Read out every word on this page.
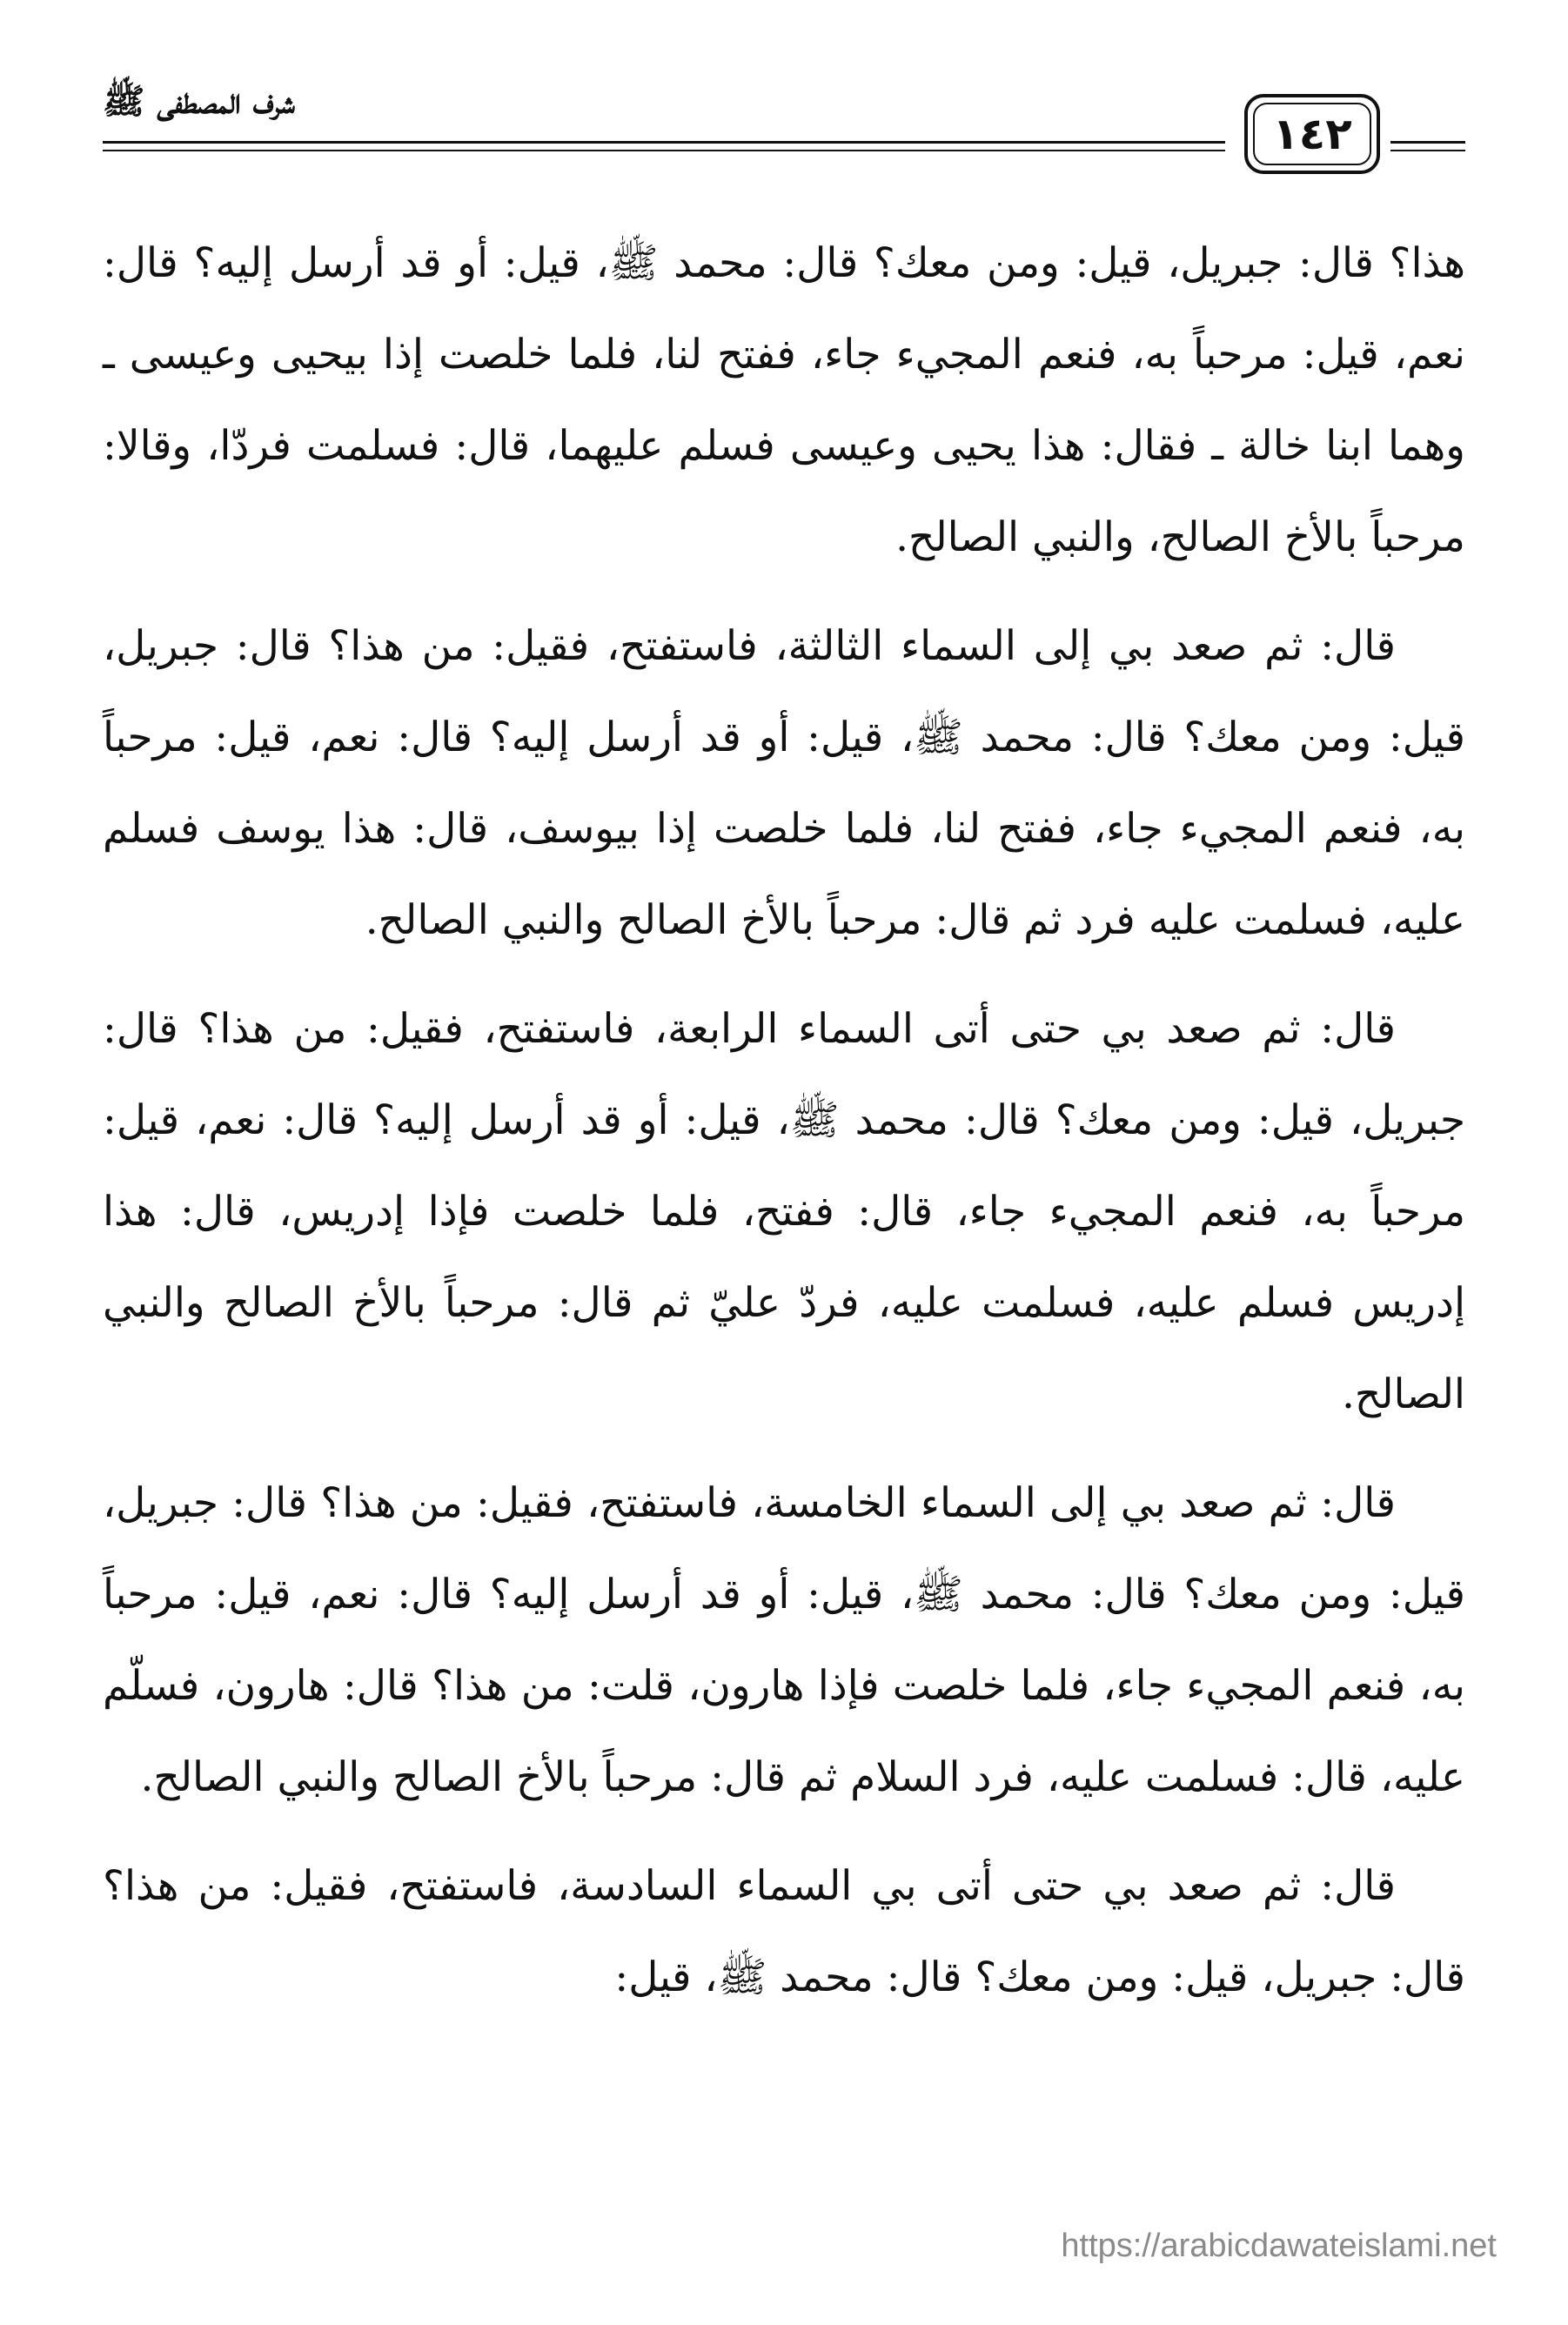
شرف المصطفى ﷺ
١٤٢

هذا؟ قال: جبريل، قيل: ومن معك؟ قال: محمد ﷺ، قيل: أو قد أرسل إليه؟ قال: نعم، قيل: مرحباً به، فنعم المجيء جاء، ففتح لنا، فلما خلصت إذا بيحيى وعيسى ـ وهما ابنا خالة ـ فقال: هذا يحيى وعيسى فسلم عليهما، قال: فسلمت فردّا، وقالا: مرحباً بالأخ الصالح، والنبي الصالح.

قال: ثم صعد بي إلى السماء الثالثة، فاستفتح، فقيل: من هذا؟ قال: جبريل، قيل: ومن معك؟ قال: محمد ﷺ، قيل: أو قد أرسل إليه؟ قال: نعم، قيل: مرحباً به، فنعم المجيء جاء، ففتح لنا، فلما خلصت إذا بيوسف، قال: هذا يوسف فسلم عليه، فسلمت عليه فرد ثم قال: مرحباً بالأخ الصالح والنبي الصالح.

قال: ثم صعد بي حتى أتى السماء الرابعة، فاستفتح، فقيل: من هذا؟ قال: جبريل، قيل: ومن معك؟ قال: محمد ﷺ، قيل: أو قد أرسل إليه؟ قال: نعم، قيل: مرحباً به، فنعم المجيء جاء، قال: ففتح، فلما خلصت فإذا إدريس، قال: هذا إدريس فسلم عليه، فسلمت عليه، فردّ عليّ ثم قال: مرحباً بالأخ الصالح والنبي الصالح.

قال: ثم صعد بي إلى السماء الخامسة، فاستفتح، فقيل: من هذا؟ قال: جبريل، قيل: ومن معك؟ قال: محمد ﷺ، قيل: أو قد أرسل إليه؟ قال: نعم، قيل: مرحباً به، فنعم المجيء جاء، فلما خلصت فإذا هارون، قلت: من هذا؟ قال: هارون، فسلّم عليه، قال: فسلمت عليه، فرد السلام ثم قال: مرحباً بالأخ الصالح والنبي الصالح.

قال: ثم صعد بي حتى أتى بي السماء السادسة، فاستفتح، فقيل: من هذا؟ قال: جبريل، قيل: ومن معك؟ قال: محمد ﷺ، قيل:

https://arabicdawateislami.net
